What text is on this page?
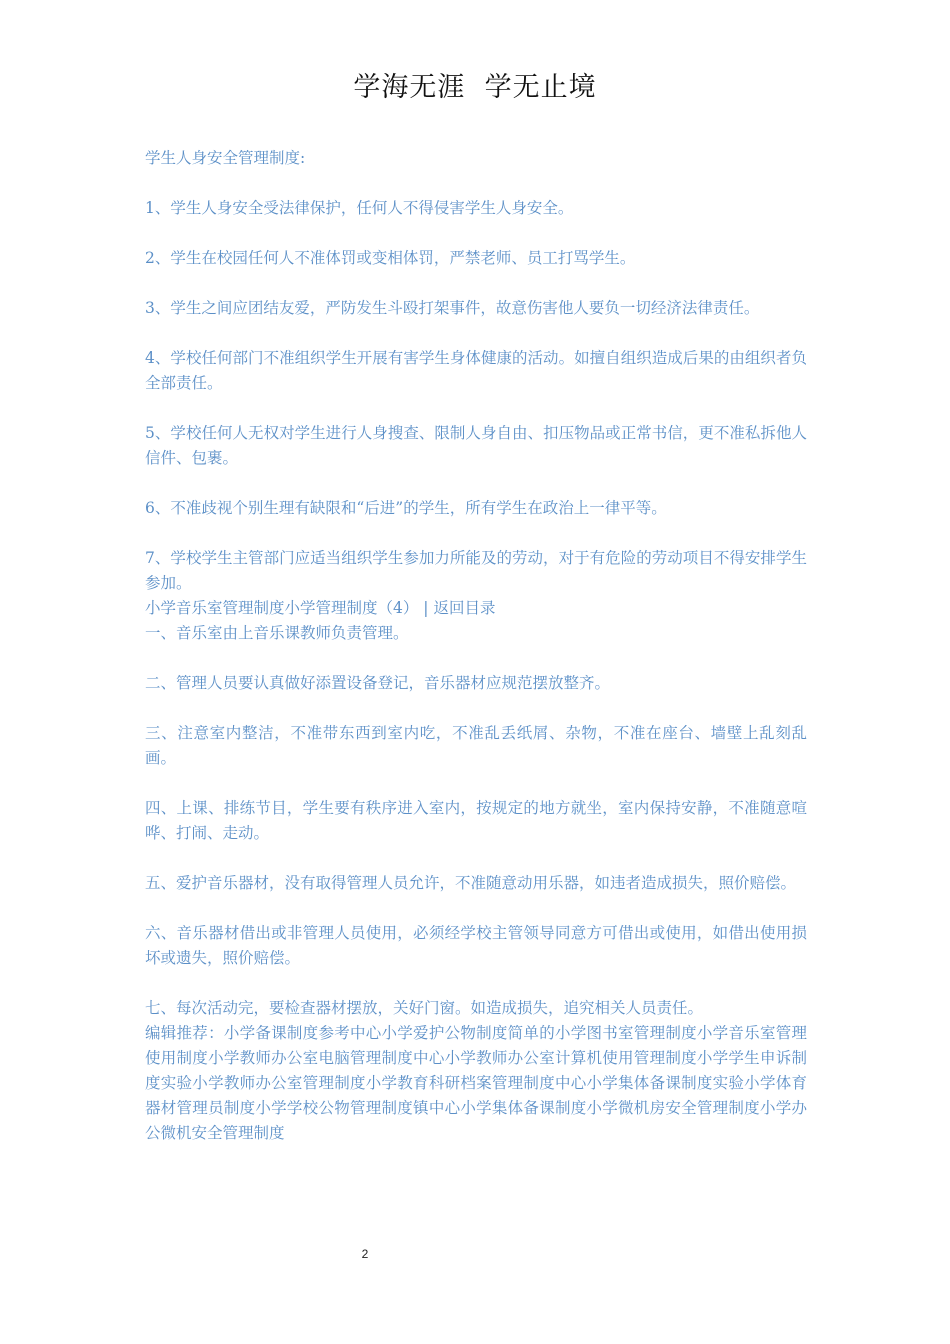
学海无涯  学无止境

学生人身安全管理制度:

1、学生人身安全受法律保护，任何人不得侵害学生人身安全。

2、学生在校园任何人不准体罚或变相体罚，严禁老师、员工打骂学生。

3、学生之间应团结友爱，严防发生斗殴打架事件，故意伤害他人要负一切经济法律责任。

4、学校任何部门不准组织学生开展有害学生身体健康的活动。如擅自组织造成后果的由组织者负全部责任。

5、学校任何人无权对学生进行人身搜查、限制人身自由、扣压物品或正常书信，更不准私拆他人信件、包裹。

6、不准歧视个别生理有缺限和“后进”的学生，所有学生在政治上一律平等。

7、学校学生主管部门应适当组织学生参加力所能及的劳动，对于有危险的劳动项目不得安排学生参加。

小学音乐室管理制度小学管理制度（4） | 返回目录

一、音乐室由上音乐课教师负责管理。

二、管理人员要认真做好添置设备登记，音乐器材应规范摆放整齐。

三、注意室内整洁，不准带东西到室内吃，不准乱丢纸屑、杂物，不准在座台、墙壁上乱刻乱画。

四、上课、排练节目，学生要有秩序进入室内，按规定的地方就坐，室内保持安静，不准随意喧哗、打闹、走动。

五、爱护音乐器材，没有取得管理人员允许，不准随意动用乐器，如违者造成损失，照价赔偿。

六、音乐器材借出或非管理人员使用，必须经学校主管领导同意方可借出或使用，如借出使用损坏或遗失，照价赔偿。

七、每次活动完，要检查器材摆放，关好门窗。如造成损失，追究相关人员责任。

编辑推荐：小学备课制度参考中心小学爱护公物制度简单的小学图书室管理制度小学音乐室管理使用制度小学教师办公室电脑管理制度中心小学教师办公室计算机使用管理制度小学学生申诉制度实验小学教师办公室管理制度小学教育科研档案管理制度中心小学集体备课制度实验小学体育器材管理员制度小学学校公物管理制度镇中心小学集体备课制度小学微机房安全管理制度小学办公微机安全管理制度

2
